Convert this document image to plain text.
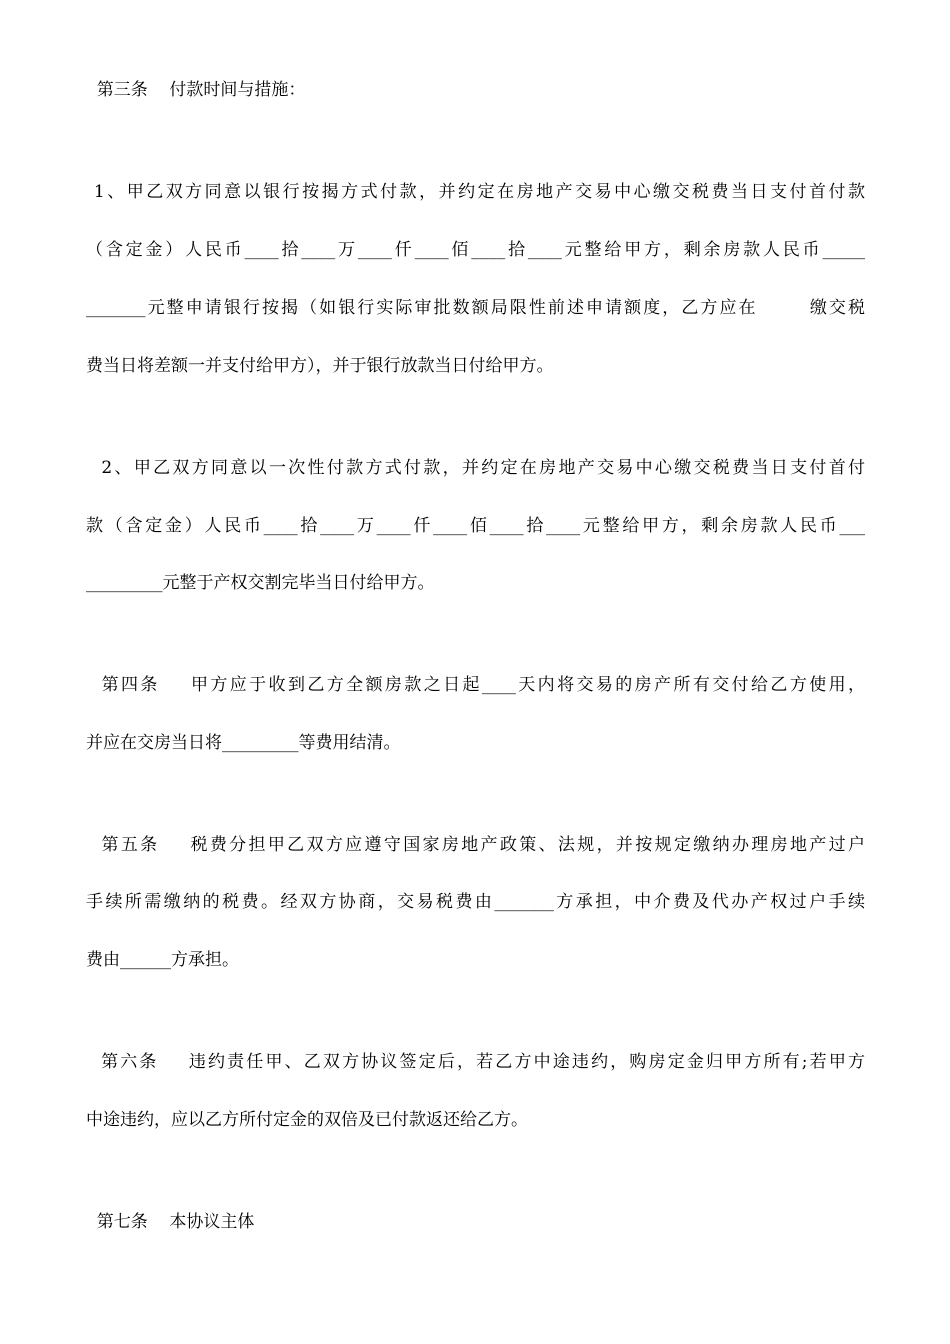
第三条    付款时间与措施：
1、甲乙双方同意以银行按揭方式付款，并约定在房地产交易中心缴交税费当日支付首付款
（含定金）人民币____拾____万____仟____佰____拾____元整给甲方，剩余房款人民币_____
_______元整申请银行按揭（如银行实际审批数额局限性前述申请额度，乙方应在       缴交税
费当日将差额一并支付给甲方），并于银行放款当日付给甲方。
2、甲乙双方同意以一次性付款方式付款，并约定在房地产交易中心缴交税费当日支付首付
款（含定金）人民币____拾____万____仟____佰____拾____元整给甲方，剩余房款人民币___
_________元整于产权交割完毕当日付给甲方。
第四条    甲方应于收到乙方全额房款之日起____天内将交易的房产所有交付给乙方使用，
并应在交房当日将_________等费用结清。
第五条    税费分担甲乙双方应遵守国家房地产政策、法规，并按规定缴纳办理房地产过户
手续所需缴纳的税费。经双方协商，交易税费由_______方承担，中介费及代办产权过户手续
费由______方承担。
第六条    违约责任甲、乙双方协议签定后，若乙方中途违约，购房定金归甲方所有;若甲方
中途违约，应以乙方所付定金的双倍及已付款返还给乙方。
第七条    本协议主体
